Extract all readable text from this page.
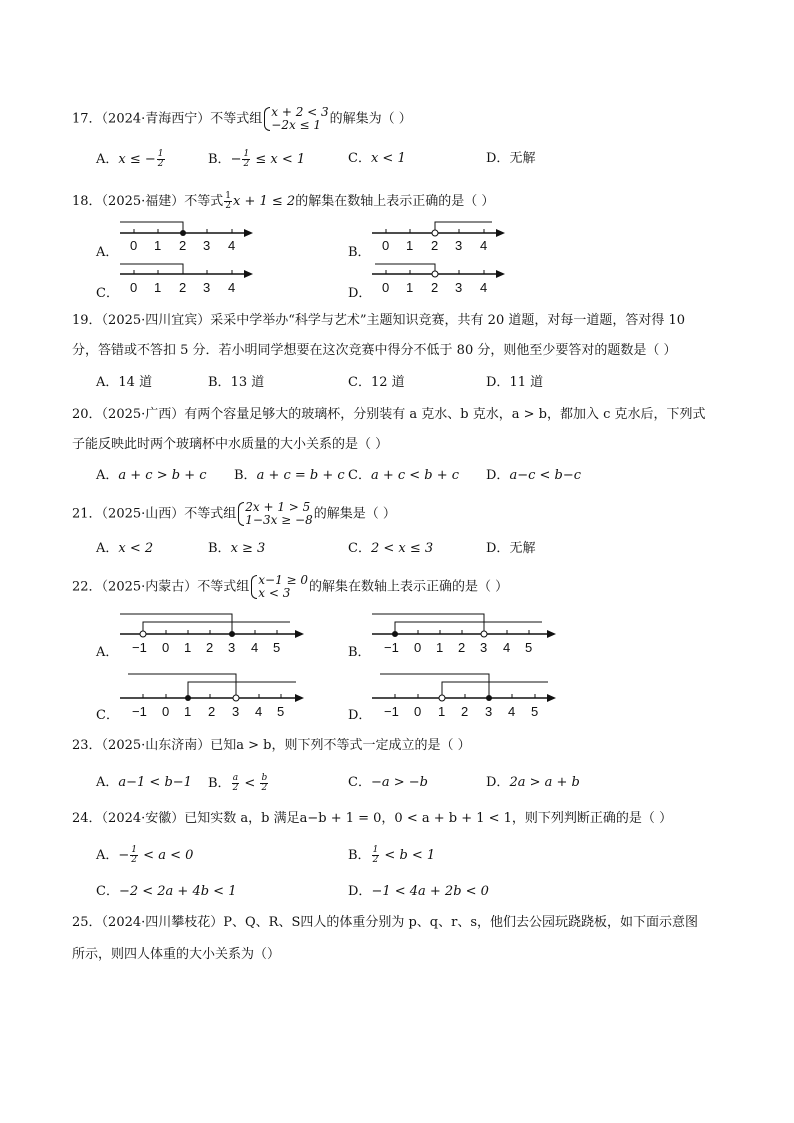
17．（2024·青海西宁）不等式组 x + 2 < 3
−2x ≤ 1 的解集为（ ）
A．x ≤ − $\frac{1}{2}$	B．− $\frac{1}{2} \le x < 1$	C．x < 1	D．无解
18．（2025·福建）不等式 $\frac{1}{2}$ x + 1 ≤ 2的解集在数轴上表示正确的是（ ）
A．	B．
C．	D．
0 1 2 3 4	0 1 2 3 4
0 1 2 3 4	0 1 2 3 4
19．（2025·四川宜宾）采采中学举办“科学与艺术”主题知识竞赛，共有 20 道题，对每一道题，答对得 10
分，答错或不答扣 5 分．若小明同学想要在这次竞赛中得分不低于 80 分，则他至少要答对的题数是（ ）
A．14 道	B．13 道	C．12 道	D．11 道
20．（2025·广西）有两个容量足够大的玻璃杯，分别装有 a 克水、b 克水，a > b，都加入 c 克水后，下列式
子能反映此时两个玻璃杯中水质量的大小关系的是（ ）
A．a + c > b + c B．a + c = b + c C．a + c < b + c D．a−c < b−c
21．（2025·山西）不等式组 2x + 1 > 5
1−3x ≥ −8 的解集是（ ）
A．x < 2	B．x ≥ 3	C．2 < x ≤ 3	D．无解
22．（2025·内蒙古）不等式组 x−1 ≥ 0
x < 3	的解集在数轴上表示正确的是（ ）
A．	B．
C．	D．
−1 0 1 2 3 4 5	−1 0 1 2 3 4 5
−1 0 1 2 3 4 5	−1 0 1 2 3 4 5
23．（2025·山东济南）已知a > b，则下列不等式一定成立的是（ ）
A．a−1 < b−1 B． $\frac{a}{2} < \frac{b}{2}$	C．−a > −b	D．2a > a + b
24．（2024·安徽）已知实数 a，b 满足a−b + 1 = 0，0 < a + b + 1 < 1，则下列判断正确的是（ ）
A．− $\frac{1}{2} < a < 0$	B． $\frac{1}{2} < b < 1$
C．−2 < 2a + 4b < 1	D．−1 < 4a + 2b < 0
25．（2024·四川攀枝花）P、Q、R、S四人的体重分别为 p、q、r、s，他们去公园玩跷跷板，如下面示意图
所示，则四人体重的大小关系为（）
